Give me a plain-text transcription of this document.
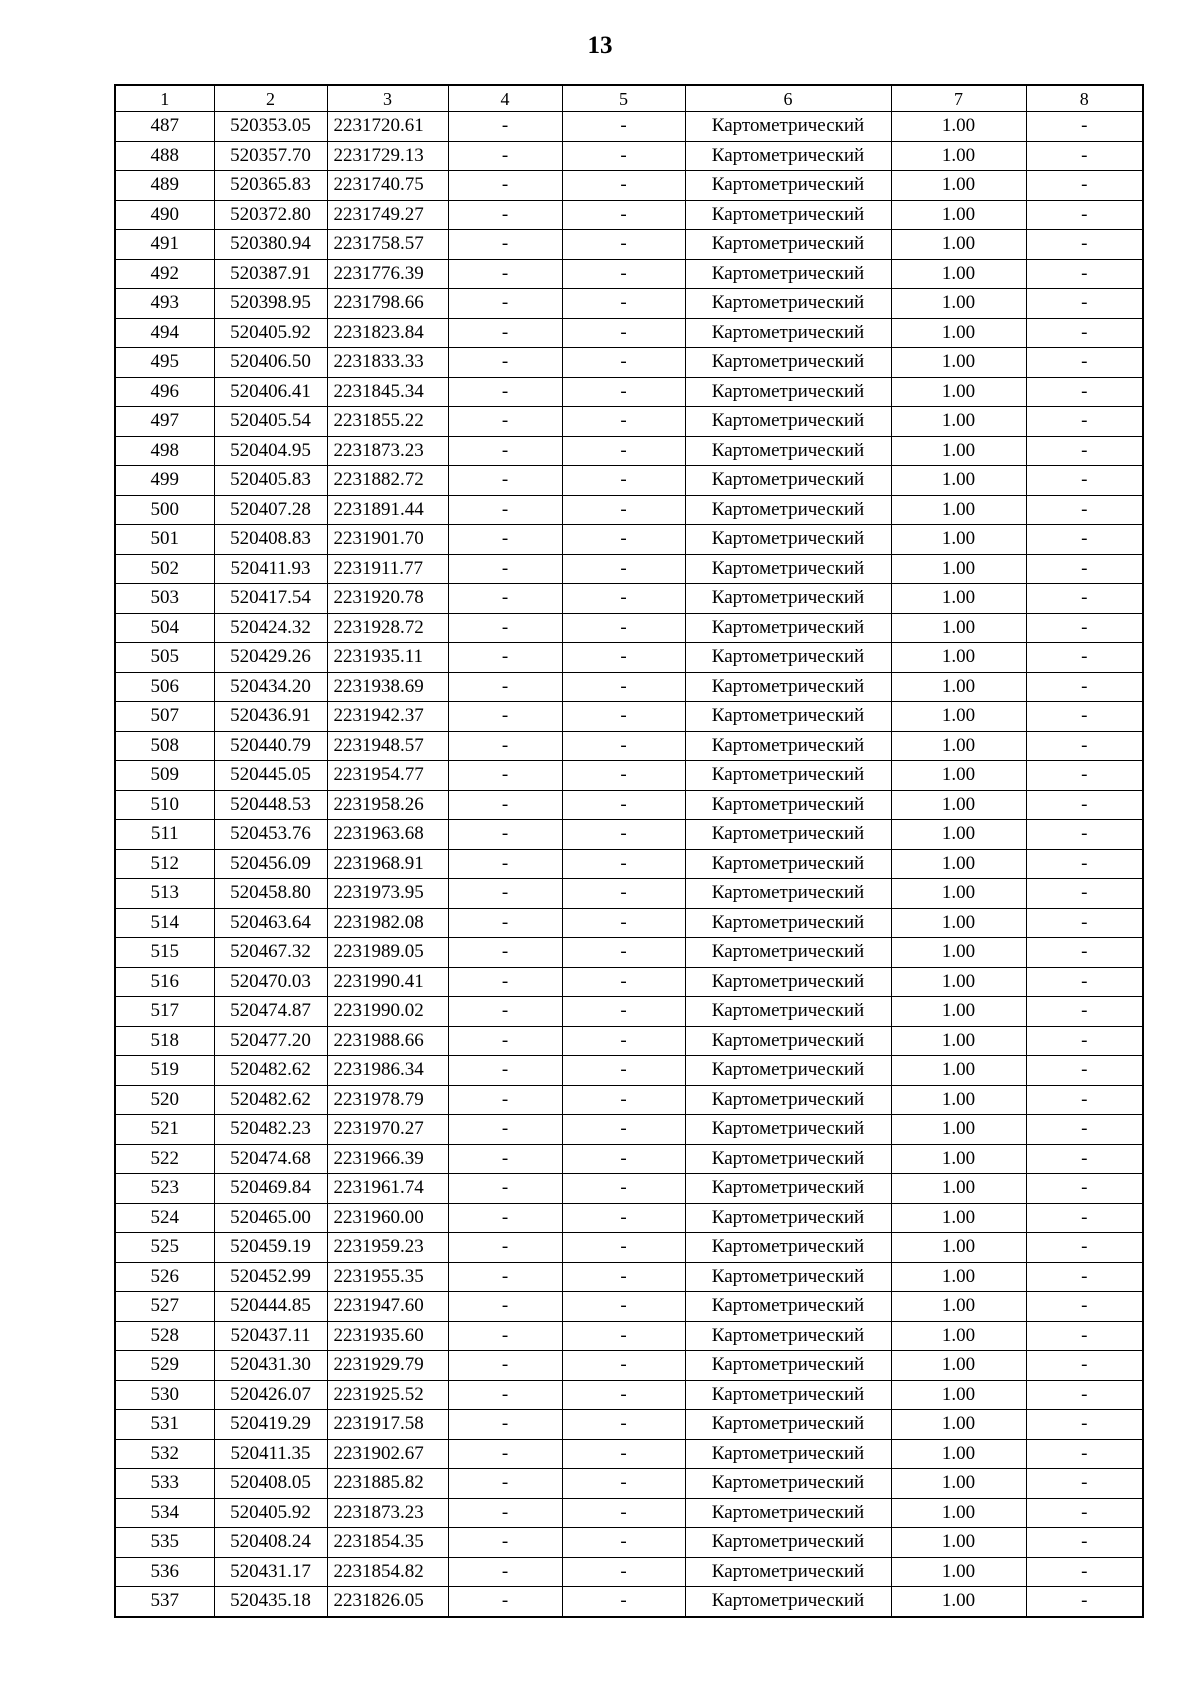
13
1	2	3	4	5	6	7	8
487	520353.05	2231720.61	-	-	Картометрический	1.00	-
488	520357.70	2231729.13	-	-	Картометрический	1.00	-
489	520365.83	2231740.75	-	-	Картометрический	1.00	-
490	520372.80	2231749.27	-	-	Картометрический	1.00	-
491	520380.94	2231758.57	-	-	Картометрический	1.00	-
492	520387.91	2231776.39	-	-	Картометрический	1.00	-
493	520398.95	2231798.66	-	-	Картометрический	1.00	-
494	520405.92	2231823.84	-	-	Картометрический	1.00	-
495	520406.50	2231833.33	-	-	Картометрический	1.00	-
496	520406.41	2231845.34	-	-	Картометрический	1.00	-
497	520405.54	2231855.22	-	-	Картометрический	1.00	-
498	520404.95	2231873.23	-	-	Картометрический	1.00	-
499	520405.83	2231882.72	-	-	Картометрический	1.00	-
500	520407.28	2231891.44	-	-	Картометрический	1.00	-
501	520408.83	2231901.70	-	-	Картометрический	1.00	-
502	520411.93	2231911.77	-	-	Картометрический	1.00	-
503	520417.54	2231920.78	-	-	Картометрический	1.00	-
504	520424.32	2231928.72	-	-	Картометрический	1.00	-
505	520429.26	2231935.11	-	-	Картометрический	1.00	-
506	520434.20	2231938.69	-	-	Картометрический	1.00	-
507	520436.91	2231942.37	-	-	Картометрический	1.00	-
508	520440.79	2231948.57	-	-	Картометрический	1.00	-
509	520445.05	2231954.77	-	-	Картометрический	1.00	-
510	520448.53	2231958.26	-	-	Картометрический	1.00	-
511	520453.76	2231963.68	-	-	Картометрический	1.00	-
512	520456.09	2231968.91	-	-	Картометрический	1.00	-
513	520458.80	2231973.95	-	-	Картометрический	1.00	-
514	520463.64	2231982.08	-	-	Картометрический	1.00	-
515	520467.32	2231989.05	-	-	Картометрический	1.00	-
516	520470.03	2231990.41	-	-	Картометрический	1.00	-
517	520474.87	2231990.02	-	-	Картометрический	1.00	-
518	520477.20	2231988.66	-	-	Картометрический	1.00	-
519	520482.62	2231986.34	-	-	Картометрический	1.00	-
520	520482.62	2231978.79	-	-	Картометрический	1.00	-
521	520482.23	2231970.27	-	-	Картометрический	1.00	-
522	520474.68	2231966.39	-	-	Картометрический	1.00	-
523	520469.84	2231961.74	-	-	Картометрический	1.00	-
524	520465.00	2231960.00	-	-	Картометрический	1.00	-
525	520459.19	2231959.23	-	-	Картометрический	1.00	-
526	520452.99	2231955.35	-	-	Картометрический	1.00	-
527	520444.85	2231947.60	-	-	Картометрический	1.00	-
528	520437.11	2231935.60	-	-	Картометрический	1.00	-
529	520431.30	2231929.79	-	-	Картометрический	1.00	-
530	520426.07	2231925.52	-	-	Картометрический	1.00	-
531	520419.29	2231917.58	-	-	Картометрический	1.00	-
532	520411.35	2231902.67	-	-	Картометрический	1.00	-
533	520408.05	2231885.82	-	-	Картометрический	1.00	-
534	520405.92	2231873.23	-	-	Картометрический	1.00	-
535	520408.24	2231854.35	-	-	Картометрический	1.00	-
536	520431.17	2231854.82	-	-	Картометрический	1.00	-
537	520435.18	2231826.05	-	-	Картометрический	1.00	-
